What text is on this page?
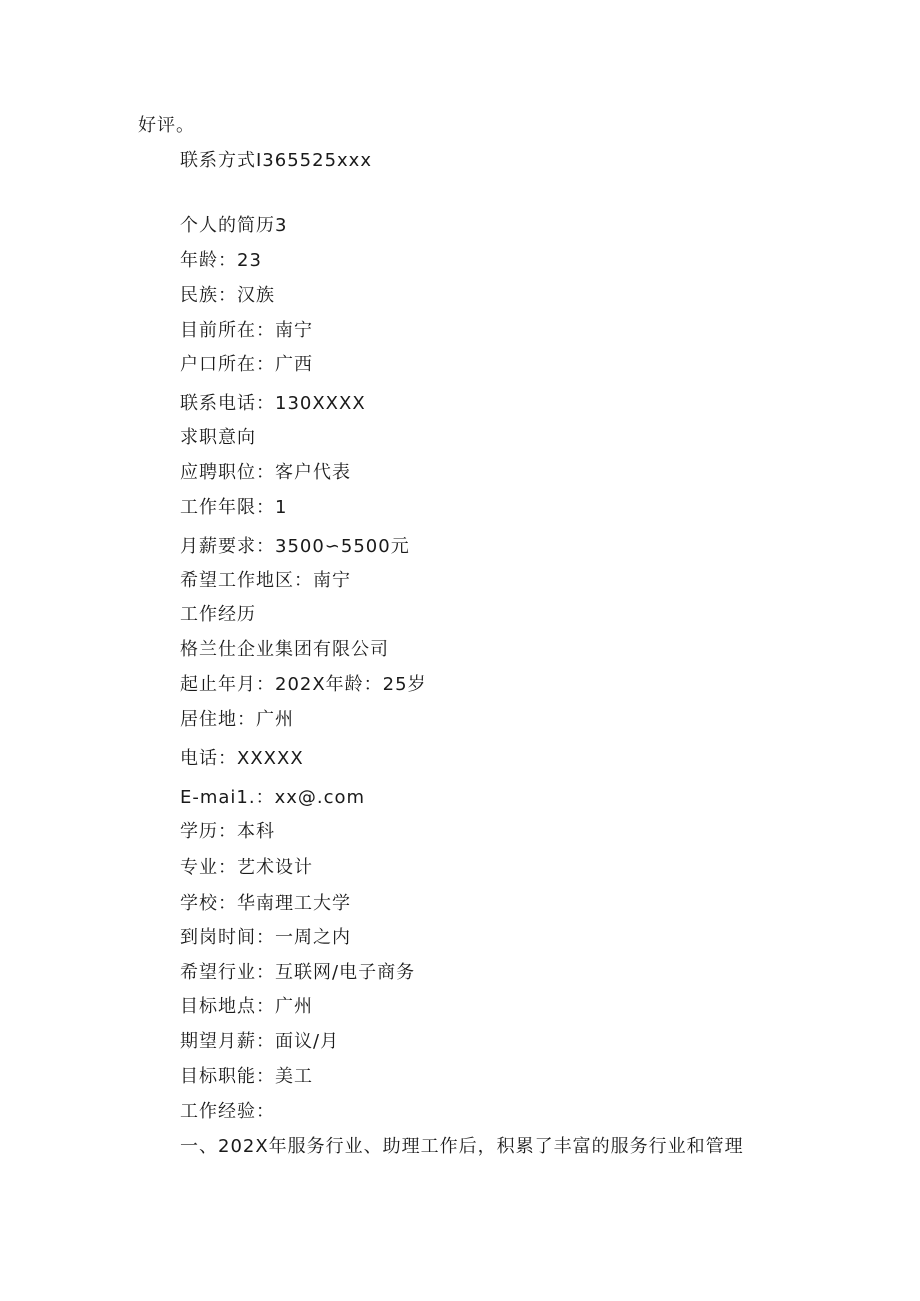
好评。
联系方式I365525xxx
个人的简历3
年龄：23
民族：汉族
目前所在：南宁
户口所在：广西
联系电话：130XXXX
求职意向
应聘职位：客户代表
工作年限：1
月薪要求：3500∽5500元
希望工作地区：南宁
工作经历
格兰仕企业集团有限公司
起止年月：202X年龄：25岁
居住地：广州
电话：XXXXX
E-mai1.：xx@.com
学历：本科
专业：艺术设计
学校：华南理工大学
到岗时间：一周之内
希望行业：互联网/电子商务
目标地点：广州
期望月薪：面议/月
目标职能：美工
工作经验：
一、202X年服务行业、助理工作后，积累了丰富的服务行业和管理
